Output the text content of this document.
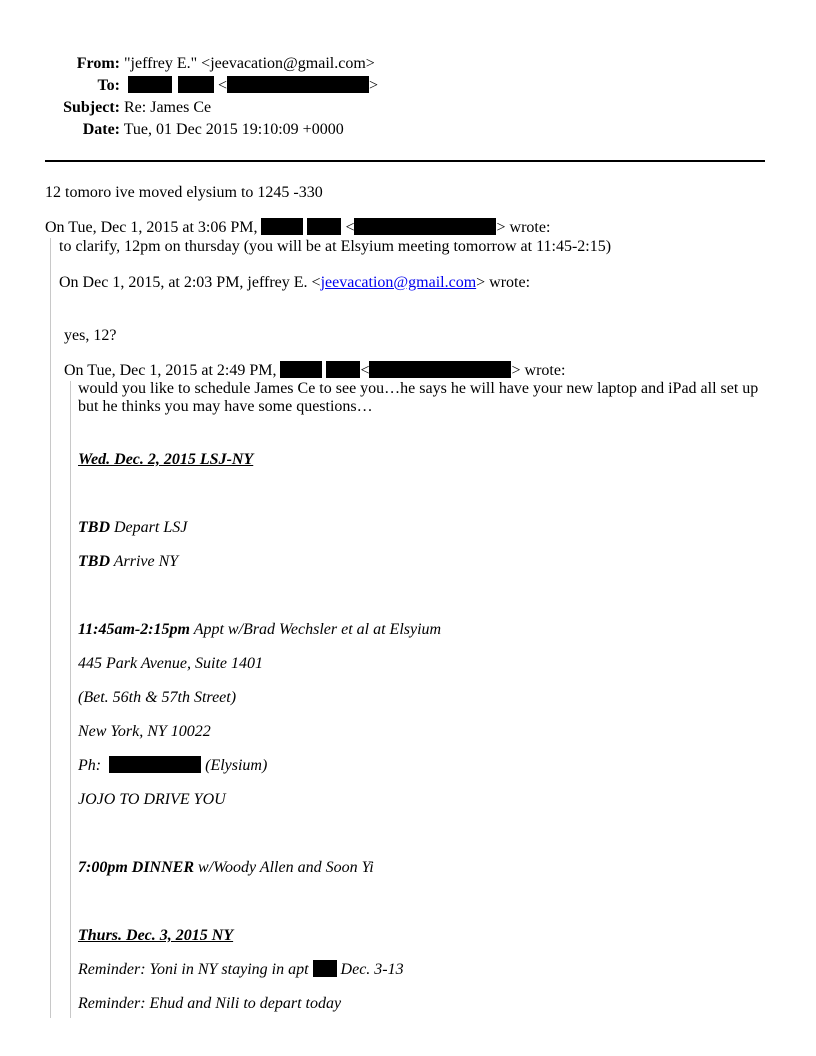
From: "jeffrey E." <jeevacation@gmail.com>
To:	<	>
Subject: Re: James Ce
Date: Tue, 01 Dec 2015 19:10:09 +0000
12 tomoro ive moved elysium to 1245 -330
On Tue, Dec 1, 2015 at 3:06 PM,	<	> wrote:
to clarify, 12pm on thursday (you will be at Elsyium meeting tomorrow at 11:45-2:15)
On Dec 1, 2015, at 2:03 PM, jeffrey E. <jeevacation@gmail.com> wrote:
yes, 12?
On Tue, Dec 1, 2015 at 2:49 PM,	<	> wrote:
would you like to schedule James Ce to see you…he says he will have your new laptop and iPad all set up
but he thinks you may have some questions…
Wed. Dec. 2, 2015 LSJ-NY
TBD Depart LSJ
TBD Arrive NY
11:45am-2:15pm Appt w/Brad Wechsler et al at Elsyium
445 Park Avenue, Suite 1401
(Bet. 56th & 57th Street)
New York, NY 10022
Ph:	(Elysium)
JOJO TO DRIVE YOU
7:00pm DINNER w/Woody Allen and Soon Yi
Thurs. Dec. 3, 2015 NY
Reminder: Yoni in NY staying in apt Dec. 3-13
Reminder: Ehud and Nili to depart today
